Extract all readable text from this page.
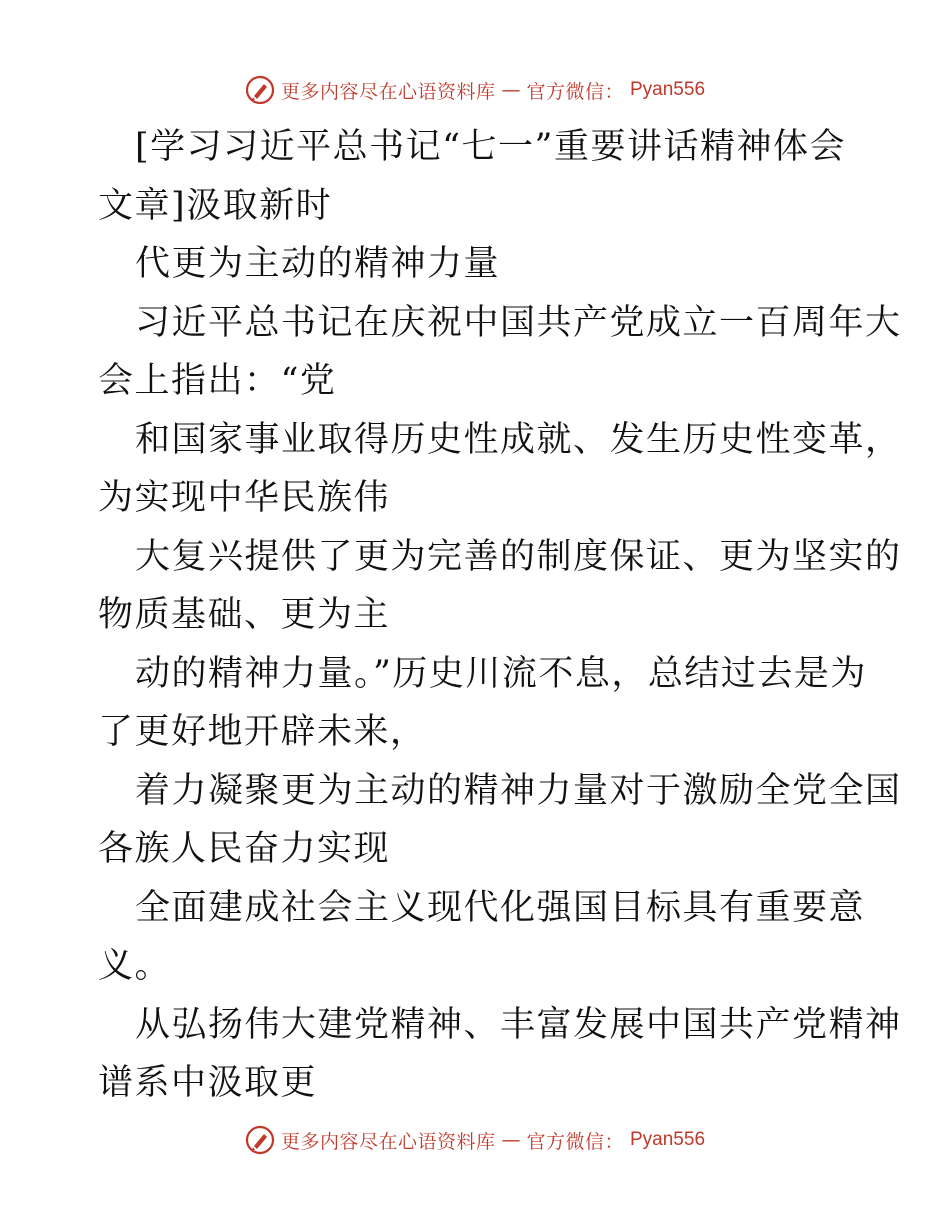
更多内容尽在心语资料库 — 官方微信： Pyan556
[学习习近平总书记“七一”重要讲话精神体会
文章]汲取新时
代更为主动的精神力量
习近平总书记在庆祝中国共产党成立一百周年大
会上指出：“党
和国家事业取得历史性成就、发生历史性变革，
为实现中华民族伟
大复兴提供了更为完善的制度保证、更为坚实的
物质基础、更为主
动的精神力量。”历史川流不息，总结过去是为
了更好地开辟未来，
着力凝聚更为主动的精神力量对于激励全党全国
各族人民奋力实现
全面建成社会主义现代化强国目标具有重要意
义。
从弘扬伟大建党精神、丰富发展中国共产党精神
谱系中汲取更
更多内容尽在心语资料库 — 官方微信： Pyan556
